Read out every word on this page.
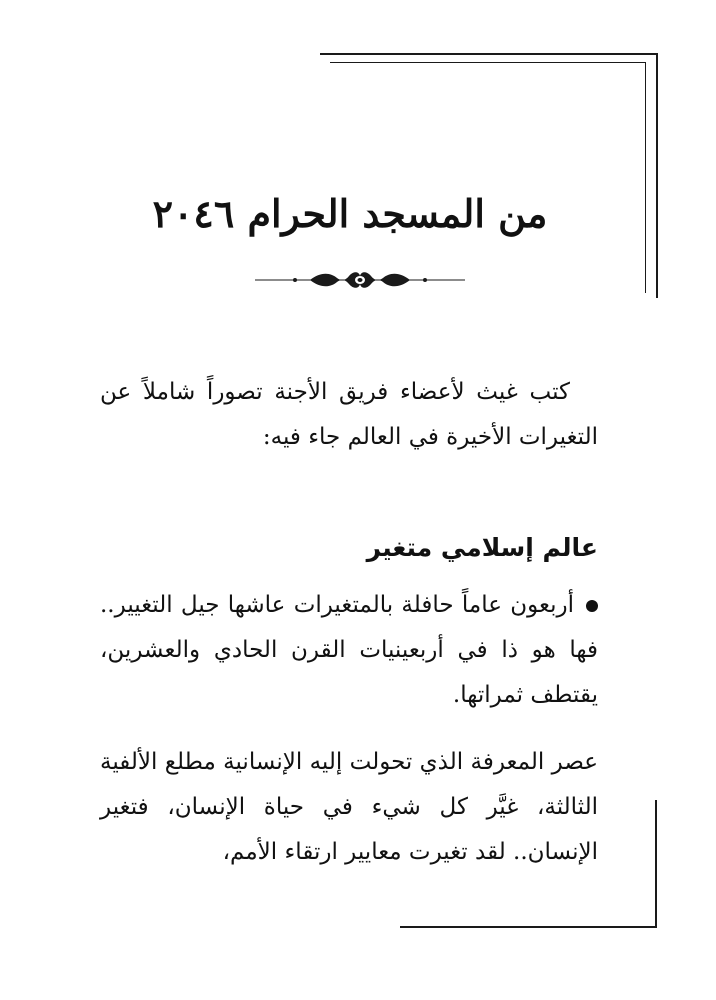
من المسجد الحرام ٢٠٤٦

كتب غيث لأعضاء فريق الأجنة تصوراً شاملاً عن التغيرات الأخيرة في العالم جاء فيه:

عالم إسلامي متغير

أربعون عاماً حافلة بالمتغيرات عاشها جيل التغيير.. فها هو ذا في أربعينيات القرن الحادي والعشرين، يقتطف ثمراتها.

عصر المعرفة الذي تحولت إليه الإنسانية مطلع الألفية الثالثة، غيَّر كل شيء في حياة الإنسان، فتغير الإنسان.. لقد تغيرت معايير ارتقاء الأمم،
